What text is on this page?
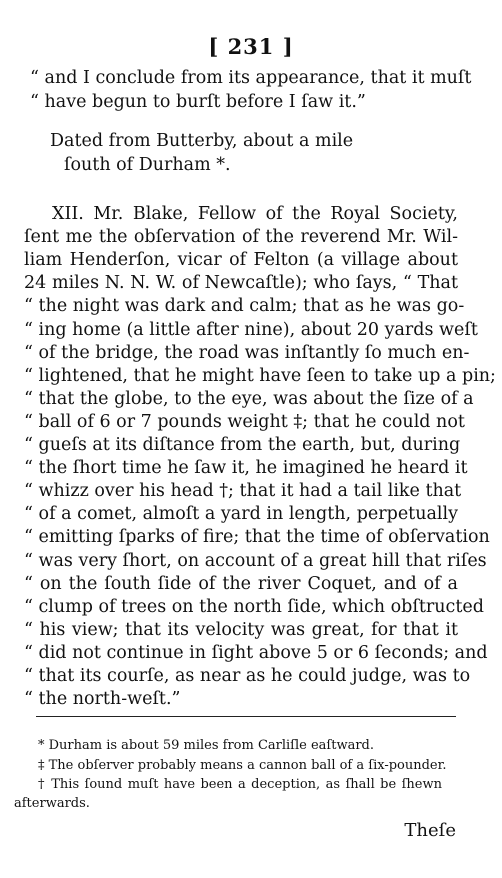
[ 231 ]
“ and I conclude from its appearance, that it muſt
“ have begun to burſt before I ſaw it.”
Dated from Butterby, about a mile
ſouth of Durham *.
XII. Mr. Blake, Fellow of the Royal Society,
ſent me the obſervation of the reverend Mr. Wil-
liam Henderſon, vicar of Felton (a village about
24 miles N. N. W. of Newcaſtle); who ſays, “ That
“ the night was dark and calm; that as he was go-
“ ing home (a little after nine), about 20 yards weſt
“ of the bridge, the road was inſtantly ſo much en-
“ lightened, that he might have ſeen to take up a pin;
“ that the globe, to the eye, was about the ſize of a
“ ball of 6 or 7 pounds weight ‡; that he could not
“ gueſs at its diſtance from the earth, but, during
“ the ſhort time he ſaw it, he imagined he heard it
“ whizz over his head †; that it had a tail like that
“ of a comet, almoſt a yard in length, perpetually
“ emitting ſparks of fire; that the time of obſervation
“ was very ſhort, on account of a great hill that riſes
“ on the ſouth ſide of the river Coquet, and of a
“ clump of trees on the north ſide, which obſtructed
“ his view; that its velocity was great, for that it
“ did not continue in ſight above 5 or 6 ſeconds; and
“ that its courſe, as near as he could judge, was to
“ the north-weſt.”
* Durham is about 59 miles from Carliſle eaſtward.
‡ The obſerver probably means a cannon ball of a ſix-pounder.
† This ſound muſt have been a deception, as ſhall be ſhewn
afterwards.
Theſe
